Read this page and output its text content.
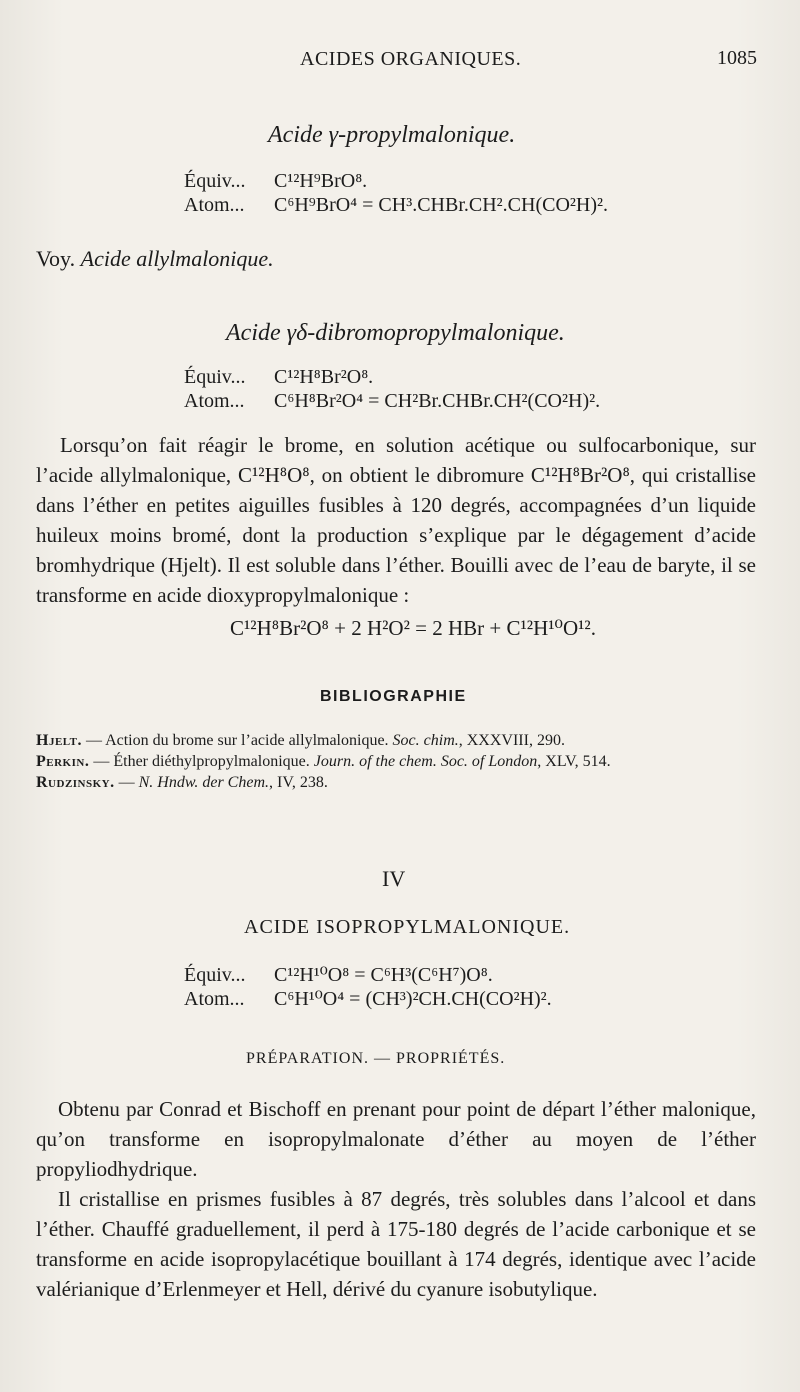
ACIDES ORGANIQUES.	1085
Acide γ-propylmalonique.
Équiv... C¹²H⁹BrO⁸.
Atom... C⁶H⁹BrO⁴ = CH³.CHBr.CH².CH(CO²H)².
Voy. Acide allylmalonique.
Acide γδ-dibromopropylmalonique.
Équiv... C¹²H⁸Br²O⁸.
Atom... C⁶H⁸Br²O⁴ = CH²Br.CHBr.CH²(CO²H)².

Lorsqu’on fait réagir le brome, en solution acétique ou sulfocarbonique, sur l’acide allylmalonique, C¹²H⁸O⁸, on obtient le dibromure C¹²H⁸Br²O⁸, qui cristallise dans l’éther en petites aiguilles fusibles à 120 degrés, accompagnées d’un liquide huileux moins bromé, dont la production s’explique par le dégagement d’acide bromhydrique (Hjelt). Il est soluble dans l’éther. Bouilli avec de l’eau de baryte, il se transforme en acide dioxypropylmalonique :

C¹²H⁸Br²O⁸ + 2 H²O² = 2 HBr + C¹²H¹⁰O¹².
BIBLIOGRAPHIE
Hjelt. — Action du brome sur l’acide allylmalonique. Soc. chim., XXXVIII, 290.
Perkin. — Éther diéthylpropylmalonique. Journ. of the chem. Soc. of London, XLV, 514.
Rudzinsky. — N. Hndw. der Chem., IV, 238.
IV
ACIDE ISOPROPYLMALONIQUE.
Équiv... C¹²H¹⁰O⁸ = C⁶H³(C⁶H⁷)O⁸.
Atom... C⁶H¹⁰O⁴ = (CH³)²CH.CH(CO²H)².
PRÉPARATION. — PROPRIÉTÉS.

Obtenu par Conrad et Bischoff en prenant pour point de départ l’éther malonique, qu’on transforme en isopropylmalonate d’éther au moyen de l’éther propyliodhydrique.

Il cristallise en prismes fusibles à 87 degrés, très solubles dans l’alcool et dans l’éther. Chauffé graduellement, il perd à 175-180 degrés de l’acide carbonique et se transforme en acide isopropylacétique bouillant à 174 degrés, identique avec l’acide valérianique d’Erlenmeyer et Hell, dérivé du cyanure isobutylique.
